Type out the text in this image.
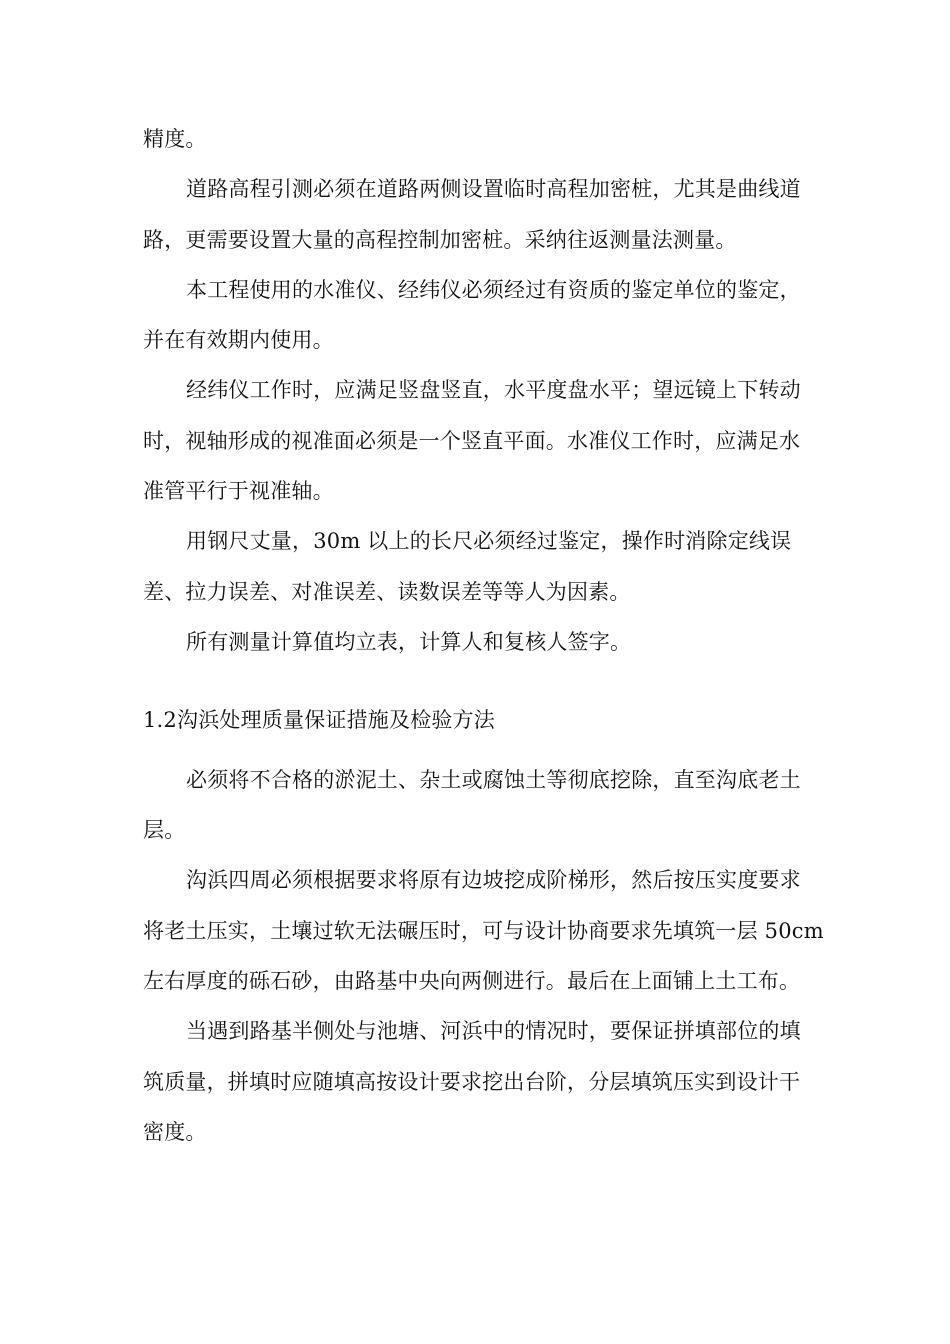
精度。
道路高程引测必须在道路两侧设置临时高程加密桩，尤其是曲线道
路，更需要设置大量的高程控制加密桩。采纳往返测量法测量。
本工程使用的水准仪、经纬仪必须经过有资质的鉴定单位的鉴定，
并在有效期内使用。
经纬仪工作时，应满足竖盘竖直，水平度盘水平；望远镜上下转动
时，视轴形成的视准面必须是一个竖直平面。水准仪工作时，应满足水
准管平行于视准轴。
用钢尺丈量，30m 以上的长尺必须经过鉴定，操作时消除定线误
差、拉力误差、对准误差、读数误差等等人为因素。
所有测量计算值均立表，计算人和复核人签字。
1.2沟浜处理质量保证措施及检验方法
必须将不合格的淤泥土、杂土或腐蚀土等彻底挖除，直至沟底老土
层。
沟浜四周必须根据要求将原有边坡挖成阶梯形，然后按压实度要求
将老土压实，土壤过软无法碾压时，可与设计协商要求先填筑一层 50cm
左右厚度的砾石砂，由路基中央向两侧进行。最后在上面铺上土工布。
当遇到路基半侧处与池塘、河浜中的情况时，要保证拼填部位的填
筑质量，拼填时应随填高按设计要求挖出台阶，分层填筑压实到设计干
密度。
